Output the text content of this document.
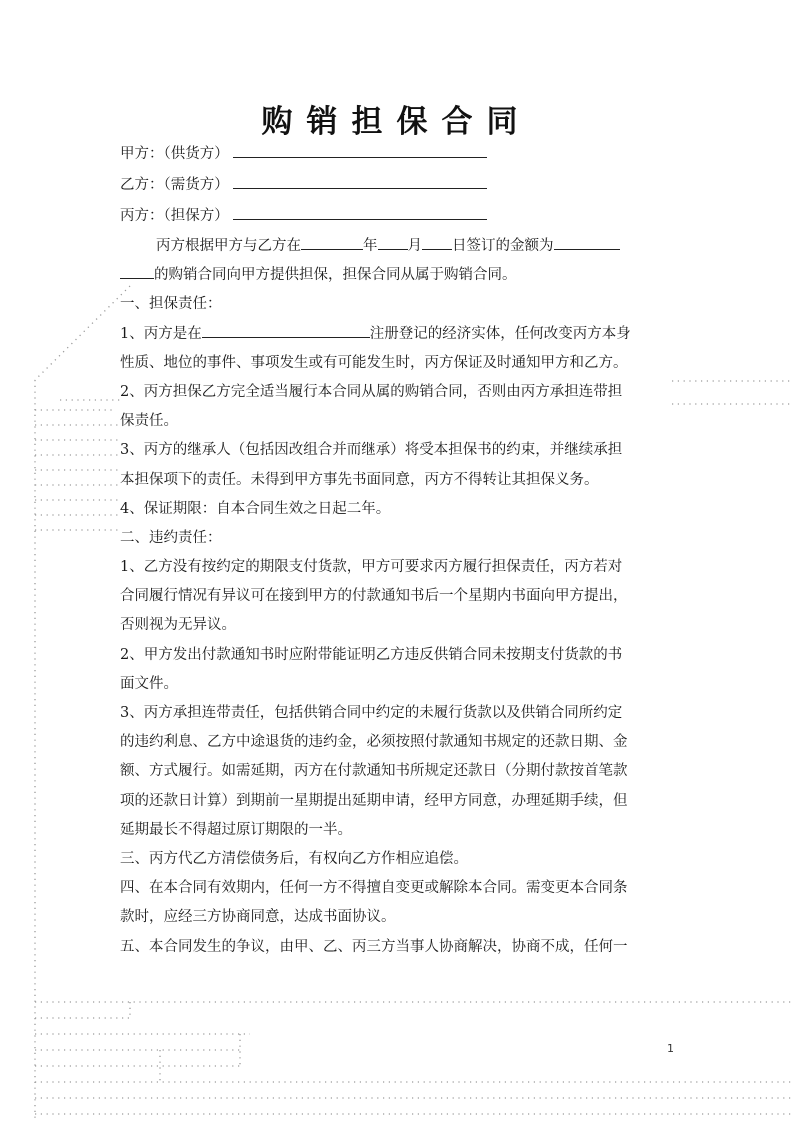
购销担保合同
甲方：（供货方）
乙方：（需货方）
丙方：（担保方）
丙方根据甲方与乙方在	年 月 日签订的金额为
的购销合同向甲方提供担保，担保合同从属于购销合同。
一、担保责任：
1、丙方是在	注册登记的经济实体，任何改变丙方本身
性质、地位的事件、事项发生或有可能发生时，丙方保证及时通知甲方和乙方。
2、丙方担保乙方完全适当履行本合同从属的购销合同，否则由丙方承担连带担
保责任。
3、丙方的继承人（包括因改组合并而继承）将受本担保书的约束，并继续承担
本担保项下的责任。未得到甲方事先书面同意，丙方不得转让其担保义务。
4、保证期限：自本合同生效之日起二年。
二、违约责任：
1、乙方没有按约定的期限支付货款，甲方可要求丙方履行担保责任，丙方若对
合同履行情况有异议可在接到甲方的付款通知书后一个星期内书面向甲方提出，
否则视为无异议。
2、甲方发出付款通知书时应附带能证明乙方违反供销合同未按期支付货款的书
面文件。
3、丙方承担连带责任，包括供销合同中约定的未履行货款以及供销合同所约定
的违约利息、乙方中途退货的违约金，必须按照付款通知书规定的还款日期、金
额、方式履行。如需延期，丙方在付款通知书所规定还款日（分期付款按首笔款
项的还款日计算）到期前一星期提出延期申请，经甲方同意，办理延期手续，但
延期最长不得超过原订期限的一半。
三、丙方代乙方清偿债务后，有权向乙方作相应追偿。
四、在本合同有效期内，任何一方不得擅自变更或解除本合同。需变更本合同条
款时，应经三方协商同意，达成书面协议。
五、本合同发生的争议，由甲、乙、丙三方当事人协商解决，协商不成，任何一
1
